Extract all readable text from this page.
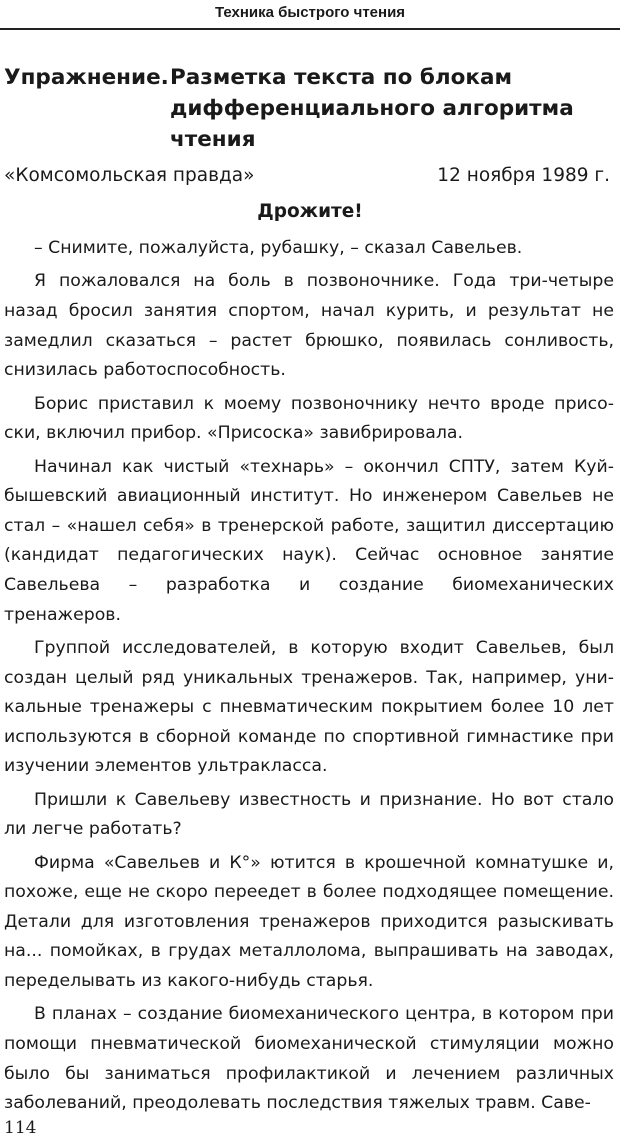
Техника быстрого чтения
Упражнение. Разметка текста по блокам дифференциального алгоритма чтения
«Комсомольская правда»	12 ноября 1989 г.
Дрожите!

– Снимите, пожалуйста, рубашку, – сказал Савельев.

Я пожаловался на боль в позвоночнике. Года три-четыре назад бросил занятия спортом, начал курить, и результат не замедлил сказаться – растет брюшко, появилась сонливость, снизилась работоспособность.

Борис приставил к моему позвоночнику нечто вроде присоски, включил прибор. «Присоска» завибрировала.

Начинал как чистый «технарь» – окончил СПТУ, затем Куйбышевский авиационный институт. Но инженером Савельев не стал – «нашел себя» в тренерской работе, защитил диссертацию (кандидат педагогических наук). Сейчас основное занятие Савельева – разработка и создание биомеханических тренажеров.

Группой исследователей, в которую входит Савельев, был создан целый ряд уникальных тренажеров. Так, например, уникальные тренажеры с пневматическим покрытием более 10 лет используются в сборной команде по спортивной гимнастике при изучении элементов ультракласса.

Пришли к Савельеву известность и признание. Но вот стало ли легче работать?

Фирма «Савельев и К°» ютится в крошечной комнатушке и, похоже, еще не скоро переедет в более подходящее помещение. Детали для изготовления тренажеров приходится разыскивать на... помойках, в грудах металлолома, выпрашивать на заводах, переделывать из какого-нибудь старья.

В планах – создание биомеханического центра, в котором при помощи пневматической биомеханической стимуляции можно было бы заниматься профилактикой и лечением различных заболеваний, преодолевать последствия тяжелых травм. Саве-

114
